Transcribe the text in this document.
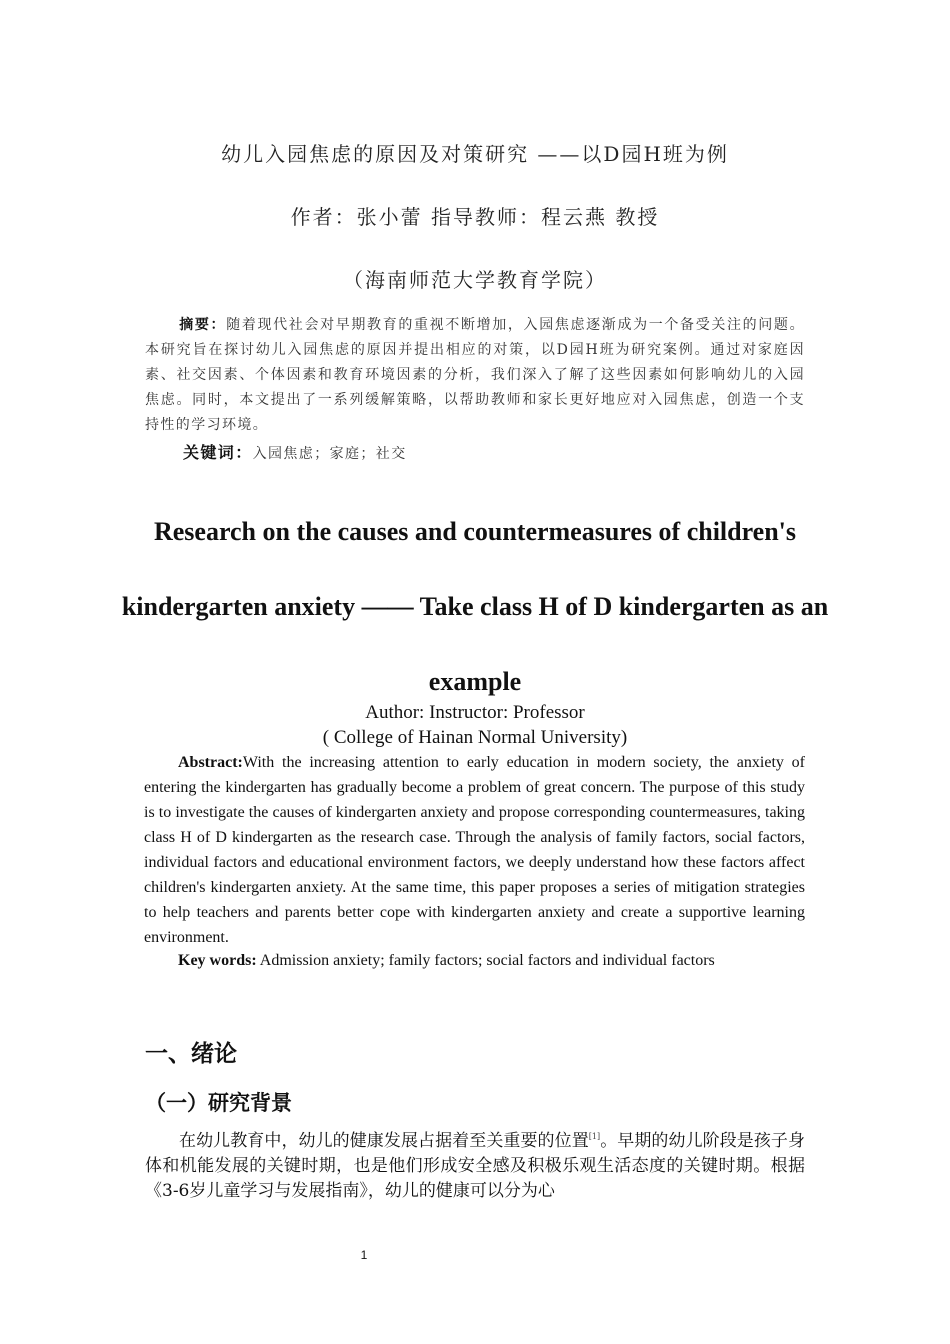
幼儿入园焦虑的原因及对策研究 ——以D园H班为例
作者：张小蕾 指导教师：程云燕 教授
（海南师范大学教育学院）
摘要：随着现代社会对早期教育的重视不断增加，入园焦虑逐渐成为一个备受关注的问题。本研究旨在探讨幼儿入园焦虑的原因并提出相应的对策，以D园H班为研究案例。通过对家庭因素、社交因素、个体因素和教育环境因素的分析，我们深入了解了这些因素如何影响幼儿的入园焦虑。同时，本文提出了一系列缓解策略，以帮助教师和家长更好地应对入园焦虑，创造一个支持性的学习环境。
关键词：入园焦虑；家庭；社交
Research on the causes and countermeasures of children's kindergarten anxiety —— Take class H of D kindergarten as an example
Author: Instructor: Professor
( College of Hainan Normal University)
Abstract:With the increasing attention to early education in modern society, the anxiety of entering the kindergarten has gradually become a problem of great concern. The purpose of this study is to investigate the causes of kindergarten anxiety and propose corresponding countermeasures, taking class H of D kindergarten as the research case. Through the analysis of family factors, social factors, individual factors and educational environment factors, we deeply understand how these factors affect children's kindergarten anxiety. At the same time, this paper proposes a series of mitigation strategies to help teachers and parents better cope with kindergarten anxiety and create a supportive learning environment.
Key words: Admission anxiety; family factors; social factors and individual factors
一、绪论
（一）研究背景
在幼儿教育中，幼儿的健康发展占据着至关重要的位置[1]。早期的幼儿阶段是孩子身体和机能发展的关键时期，也是他们形成安全感及积极乐观生活态度的关键时期。根据《3-6岁儿童学习与发展指南》，幼儿的健康可以分为心
1
